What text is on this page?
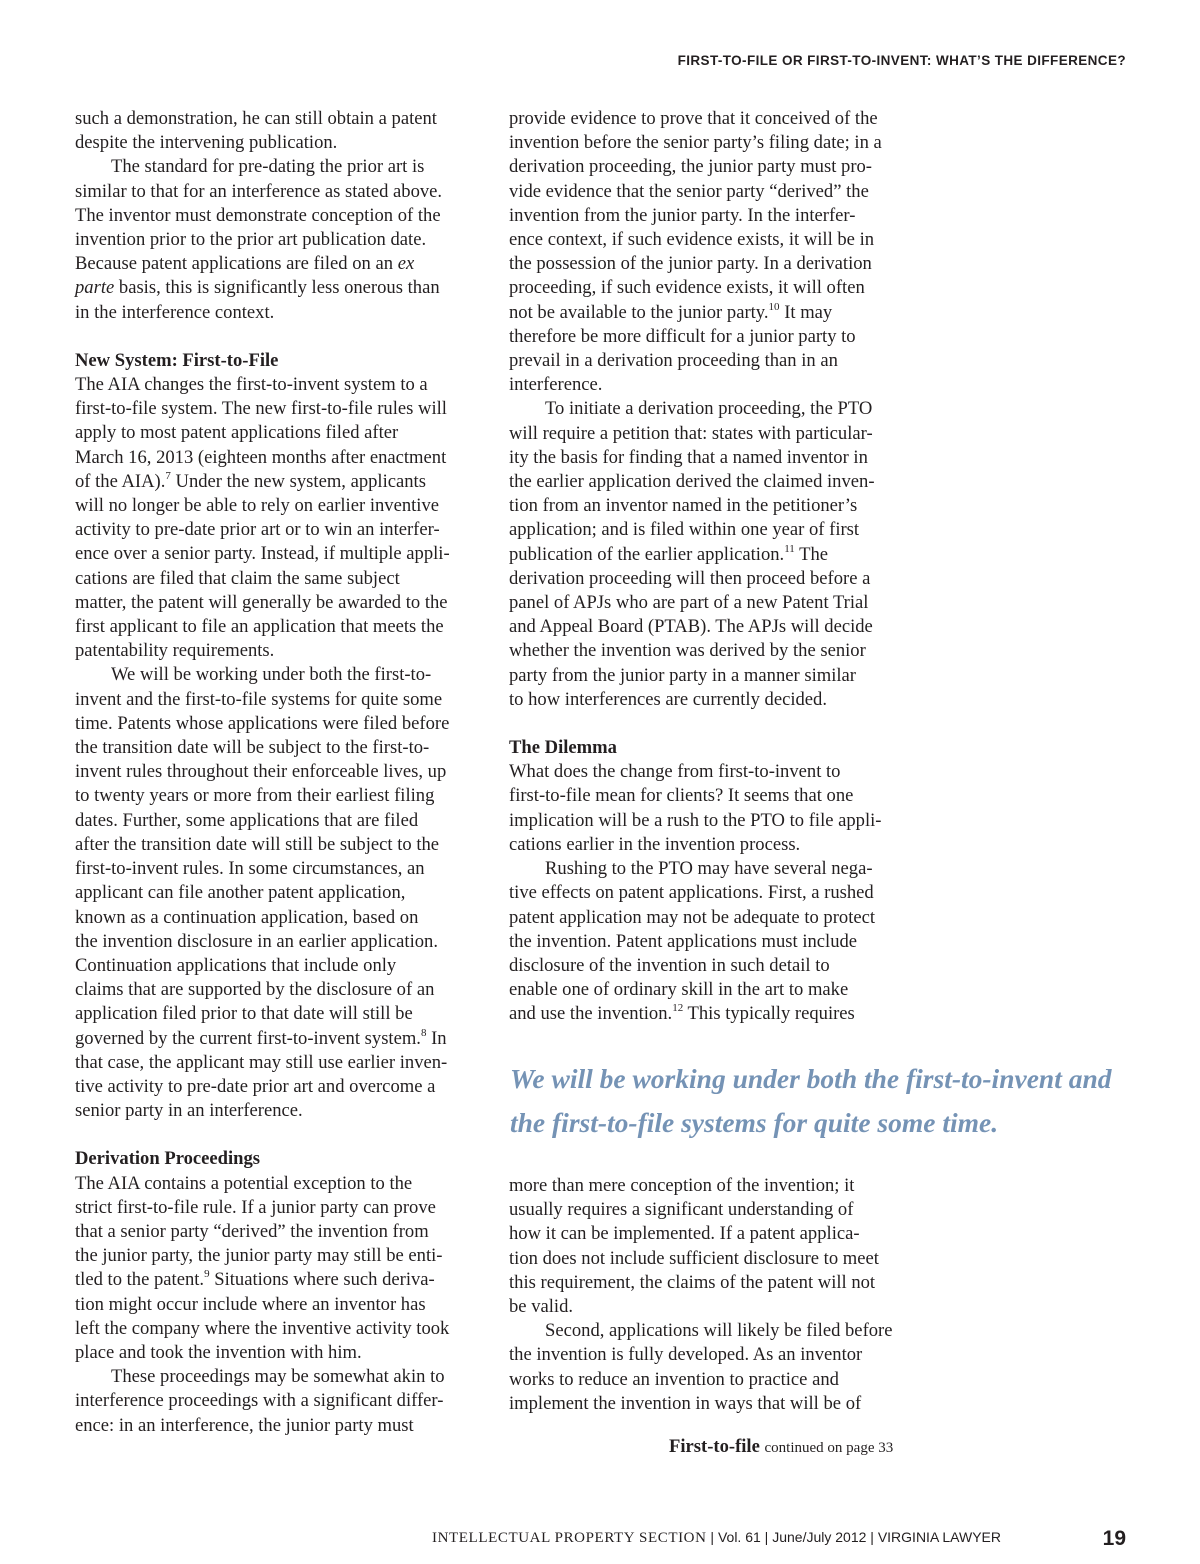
FIRST-TO-FILE OR FIRST-TO-INVENT: WHAT’S THE DIFFERENCE?

such a demonstration, he can still obtain a patent

despite the intervening publication.

The standard for pre-dating the prior art is

similar to that for an interference as stated above.

The inventor must demonstrate conception of the

invention prior to the prior art publication date.

Because patent applications are filed on an ex

parte basis, this is significantly less onerous than

in the interference context.

New System: First-to-File

The AIA changes the first-to-invent system to a

first-to-file system. The new first-to-file rules will

apply to most patent applications filed after

March 16, 2013 (eighteen months after enactment

of the AIA).$^7$ Under the new system, applicants

will no longer be able to rely on earlier inventive

activity to pre-date prior art or to win an interfer-

ence over a senior party. Instead, if multiple appli-

cations are filed that claim the same subject

matter, the patent will generally be awarded to the

first applicant to file an application that meets the

patentability requirements.

We will be working under both the first-to-

invent and the first-to-file systems for quite some

time. Patents whose applications were filed before

the transition date will be subject to the first-to-

invent rules throughout their enforceable lives, up

to twenty years or more from their earliest filing

dates. Further, some applications that are filed

after the transition date will still be subject to the

first-to-invent rules. In some circumstances, an

applicant can file another patent application,

known as a continuation application, based on

the invention disclosure in an earlier application.

Continuation applications that include only

claims that are supported by the disclosure of an

application filed prior to that date will still be

governed by the current first-to-invent system.$^8$ In

that case, the applicant may still use earlier inven-

tive activity to pre-date prior art and overcome a

senior party in an interference.

Derivation Proceedings

The AIA contains a potential exception to the

strict first-to-file rule. If a junior party can prove

that a senior party “derived” the invention from

the junior party, the junior party may still be enti-

tled to the patent.$^9$ Situations where such deriva-

tion might occur include where an inventor has

left the company where the inventive activity took

place and took the invention with him.

These proceedings may be somewhat akin to

interference proceedings with a significant differ-

ence: in an interference, the junior party must

provide evidence to prove that it conceived of the

invention before the senior party’s filing date; in a

derivation proceeding, the junior party must pro-

vide evidence that the senior party “derived” the

invention from the junior party. In the interfer-

ence context, if such evidence exists, it will be in

the possession of the junior party. In a derivation

proceeding, if such evidence exists, it will often

not be available to the junior party.$^{10}$ It may

therefore be more difficult for a junior party to

prevail in a derivation proceeding than in an

interference.

To initiate a derivation proceeding, the PTO

will require a petition that: states with particular-

ity the basis for finding that a named inventor in

the earlier application derived the claimed inven-

tion from an inventor named in the petitioner’s

application; and is filed within one year of first

publication of the earlier application.$^{11}$ The

derivation proceeding will then proceed before a

panel of APJs who are part of a new Patent Trial

and Appeal Board (PTAB). The APJs will decide

whether the invention was derived by the senior

party from the junior party in a manner similar

to how interferences are currently decided.

The Dilemma

What does the change from first-to-invent to

first-to-file mean for clients? It seems that one

implication will be a rush to the PTO to file appli-

cations earlier in the invention process.

Rushing to the PTO may have several nega-

tive effects on patent applications. First, a rushed

patent application may not be adequate to protect

the invention. Patent applications must include

disclosure of the invention in such detail to

enable one of ordinary skill in the art to make

and use the invention.$^{12}$ This typically requires

We will be working under both the first-to-invent and
the first-to-file systems for quite some time.

more than mere conception of the invention; it

usually requires a significant understanding of

how it can be implemented. If a patent applica-

tion does not include sufficient disclosure to meet

this requirement, the claims of the patent will not

be valid.

Second, applications will likely be filed before

the invention is fully developed. As an inventor

works to reduce an invention to practice and

implement the invention in ways that will be of

First-to-file continued on page 33
INTELLECTUAL PROPERTY SECTION | Vol. 61 | June/July 2012 | VIRGINIA LAWYER	19
